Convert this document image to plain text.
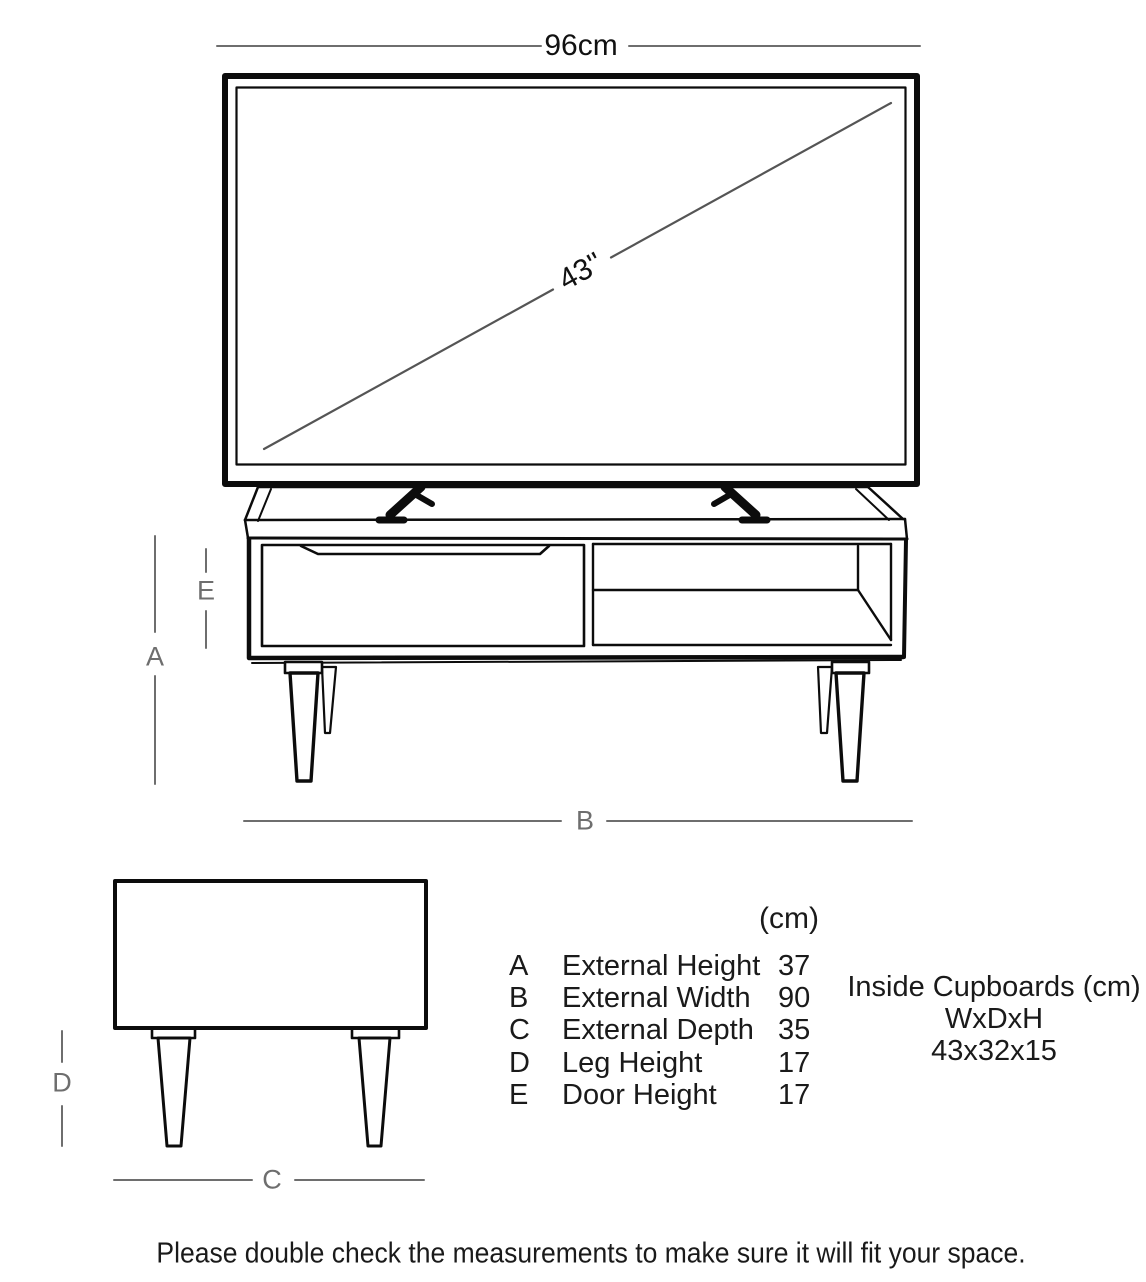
96cm
43''
A
E
B
D
C
(cm)
A	External Height 37
B	External Width 90
C	External Depth 35
D	Leg Height	17
E	Door Height	17
Inside Cupboards (cm)
WxDxH
43x32x15
Please double check the measurements to make sure it will fit your space.
